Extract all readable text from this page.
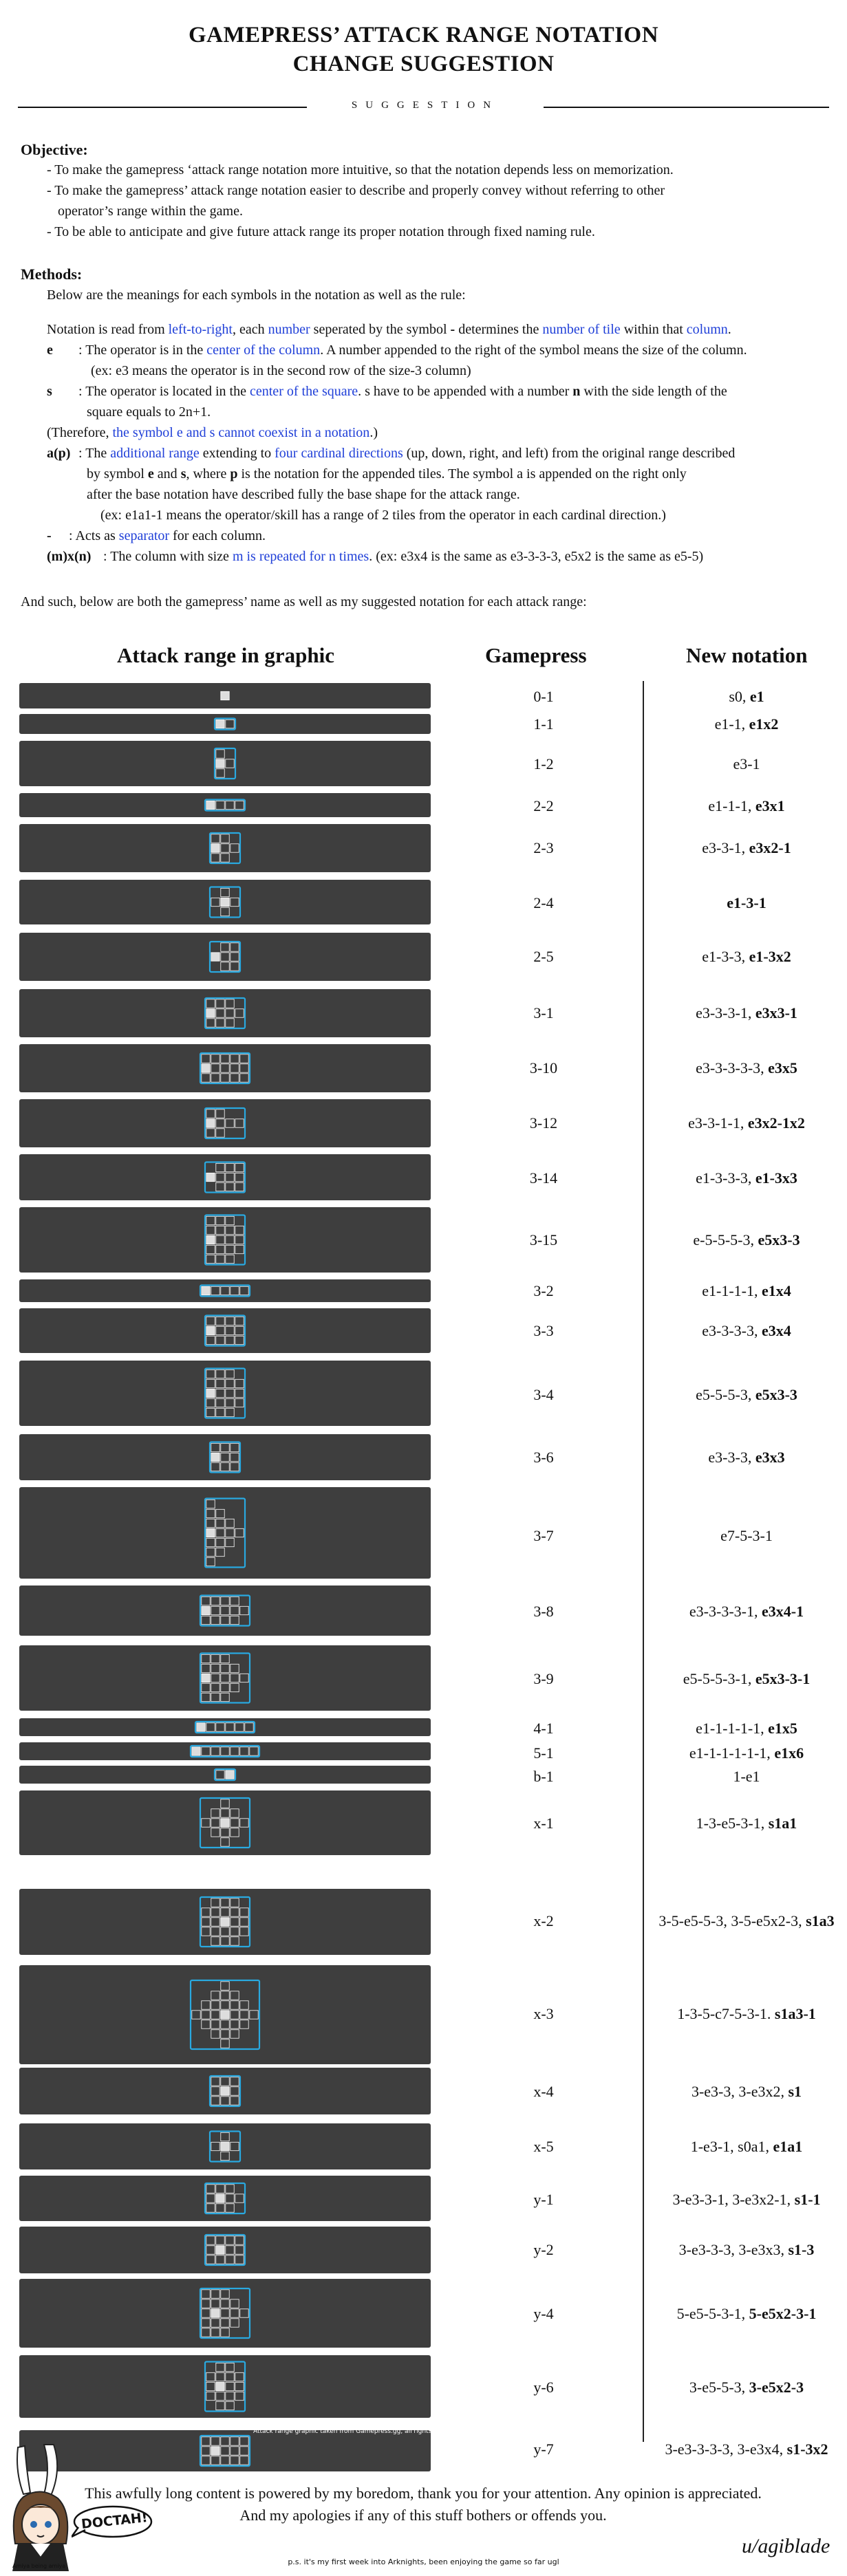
GAMEPRESS’ ATTACK RANGE NOTATION
CHANGE SUGGESTION
SUGGESTION
Objective:
- To make the gamepress ‘attack range notation more intuitive, so that the notation depends less on memorization.
- To make the gamepress’ attack range notation easier to describe and properly convey without referring to other
operator’s range within the game.
- To be able to anticipate and give future attack range its proper notation through fixed naming rule.
Methods:
Below are the meanings for each symbols in the notation as well as the rule:
Notation is read from left-to-right, each number seperated by the symbol - determines the number of tile within that column.
e : The operator is in the center of the column. A number appended to the right of the symbol means the size of the column.
(ex: e3 means the operator is in the second row of the size-3 column)
s : The operator is located in the center of the square. s have to be appended with a number n with the side length of the
square equals to 2n+1.
(Therefore, the symbol e and s cannot coexist in a notation.)
a(p) : The additional range extending to four cardinal directions (up, down, right, and left) from the original range described
by symbol e and s, where p is the notation for the appended tiles. The symbol a is appended on the right only
after the base notation have described fully the base shape for the attack range.
(ex: e1a1-1 means the operator/skill has a range of 2 tiles from the operator in each cardinal direction.)
- : Acts as separator for each column.
(m)x(n) : The column with size m is repeated for n times. (ex: e3x4 is the same as e3-3-3-3, e5x2 is the same as e5-5)
And such, below are both the gamepress’ name as well as my suggested notation for each attack range:
Attack range in graphic	Gamepress	New notation
0-1	s0, e1
1-1	e1-1, e1x2
1-2	e3-1
2-2	e1-1-1, e3x1
2-3	e3-3-1, e3x2-1
2-4	e1-3-1
2-5	e1-3-3, e1-3x2
3-1	e3-3-3-1, e3x3-1
3-10	e3-3-3-3-3, e3x5
3-12	e3-3-1-1, e3x2-1x2
3-14	e1-3-3-3, e1-3x3
3-15	e-5-5-5-3, e5x3-3
3-2	e1-1-1-1, e1x4
3-3	e3-3-3-3, e3x4
3-4	e5-5-5-3, e5x3-3
3-6	e3-3-3, e3x3
3-7	e7-5-3-1
3-8	e3-3-3-3-1, e3x4-1
3-9	e5-5-5-3-1, e5x3-3-1
4-1	e1-1-1-1-1, e1x5
5-1	e1-1-1-1-1-1, e1x6
b-1	1-e1
x-1	1-3-e5-3-1, s1a1
x-2	3-5-e5-5-3, 3-5-e5x2-3, s1a3
x-3	1-3-5-c7-5-3-1. s1a3-1
x-4	3-e3-3, 3-e3x2, s1
x-5	1-e3-1, s0a1, e1a1
y-1	3-e3-3-1, 3-e3x2-1, s1-1
y-2	3-e3-3-3, 3-e3x3, s1-3
y-4	5-e5-5-3-1, 5-e5x2-3-1
y-6	3-e5-5-3, 3-e5x2-3
y-7	3-e3-3-3-3, 3-e3x4, s1-3x2
Attack range graphic taken from Gamepress.gg, all rights reserved.
DOCTAH!
Amiya being amiya
This awfully long content is powered by my boredom, thank you for your attention. Any opinion is appreciated.
And my apologies if any of this stuff bothers or offends you.
u/agiblade
p.s. it's my first week into Arknights, been enjoying the game so far ugl
